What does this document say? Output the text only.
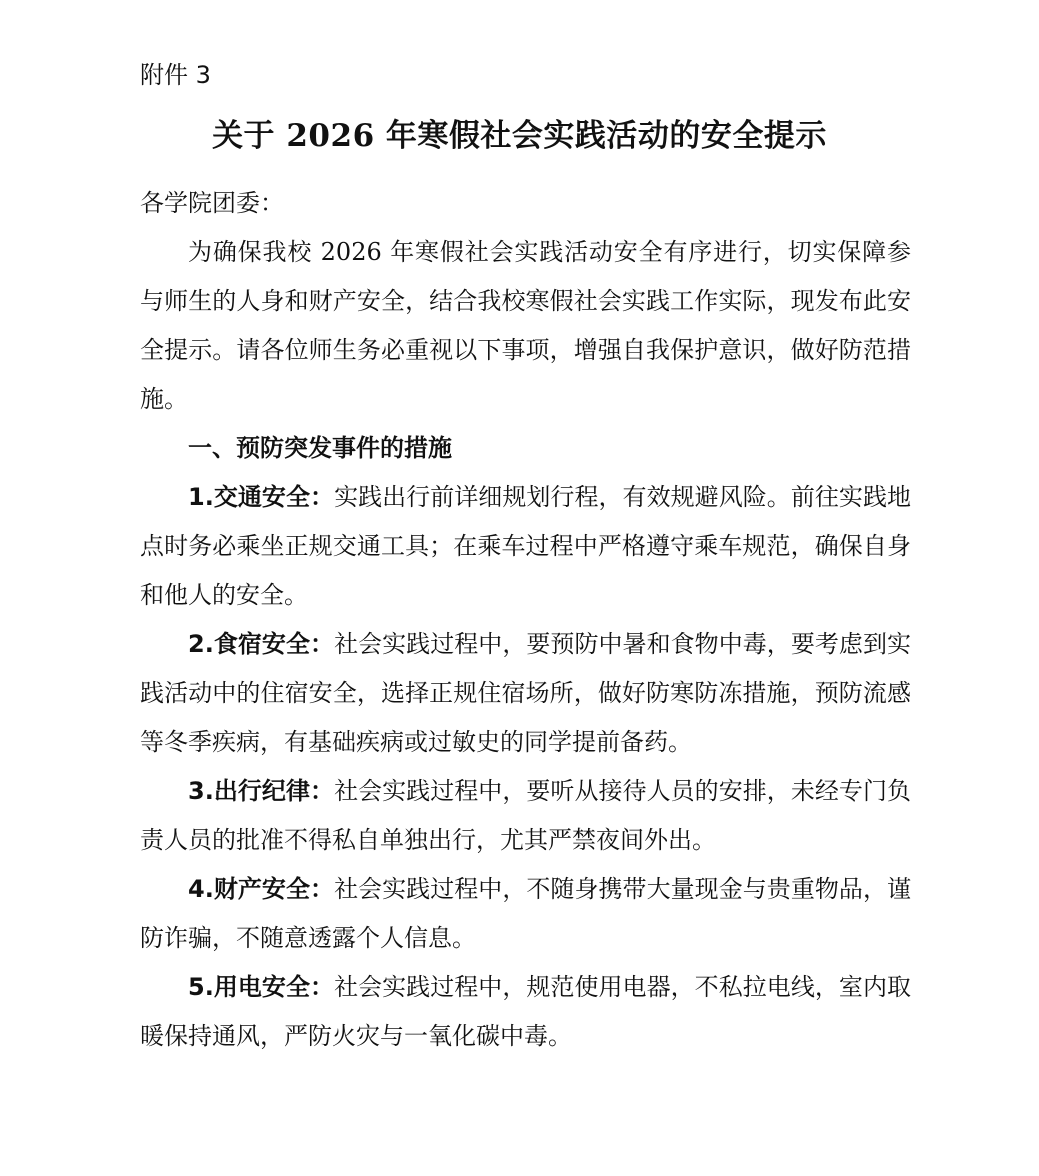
附件 3
关于 2026 年寒假社会实践活动的安全提示
各学院团委：

为确保我校 2026 年寒假社会实践活动安全有序进行，切实保障参与师生的人身和财产安全，结合我校寒假社会实践工作实际，现发布此安全提示。请各位师生务必重视以下事项，增强自我保护意识，做好防范措施。

一、预防突发事件的措施

1.交通安全：实践出行前详细规划行程，有效规避风险。前往实践地点时务必乘坐正规交通工具；在乘车过程中严格遵守乘车规范，确保自身和他人的安全。

2.食宿安全：社会实践过程中，要预防中暑和食物中毒，要考虑到实践活动中的住宿安全，选择正规住宿场所，做好防寒防冻措施，预防流感等冬季疾病，有基础疾病或过敏史的同学提前备药。

3.出行纪律：社会实践过程中，要听从接待人员的安排，未经专门负责人员的批准不得私自单独出行，尤其严禁夜间外出。

4.财产安全：社会实践过程中，不随身携带大量现金与贵重物品，谨防诈骗，不随意透露个人信息。

5.用电安全：社会实践过程中，规范使用电器，不私拉电线，室内取暖保持通风，严防火灾与一氧化碳中毒。
